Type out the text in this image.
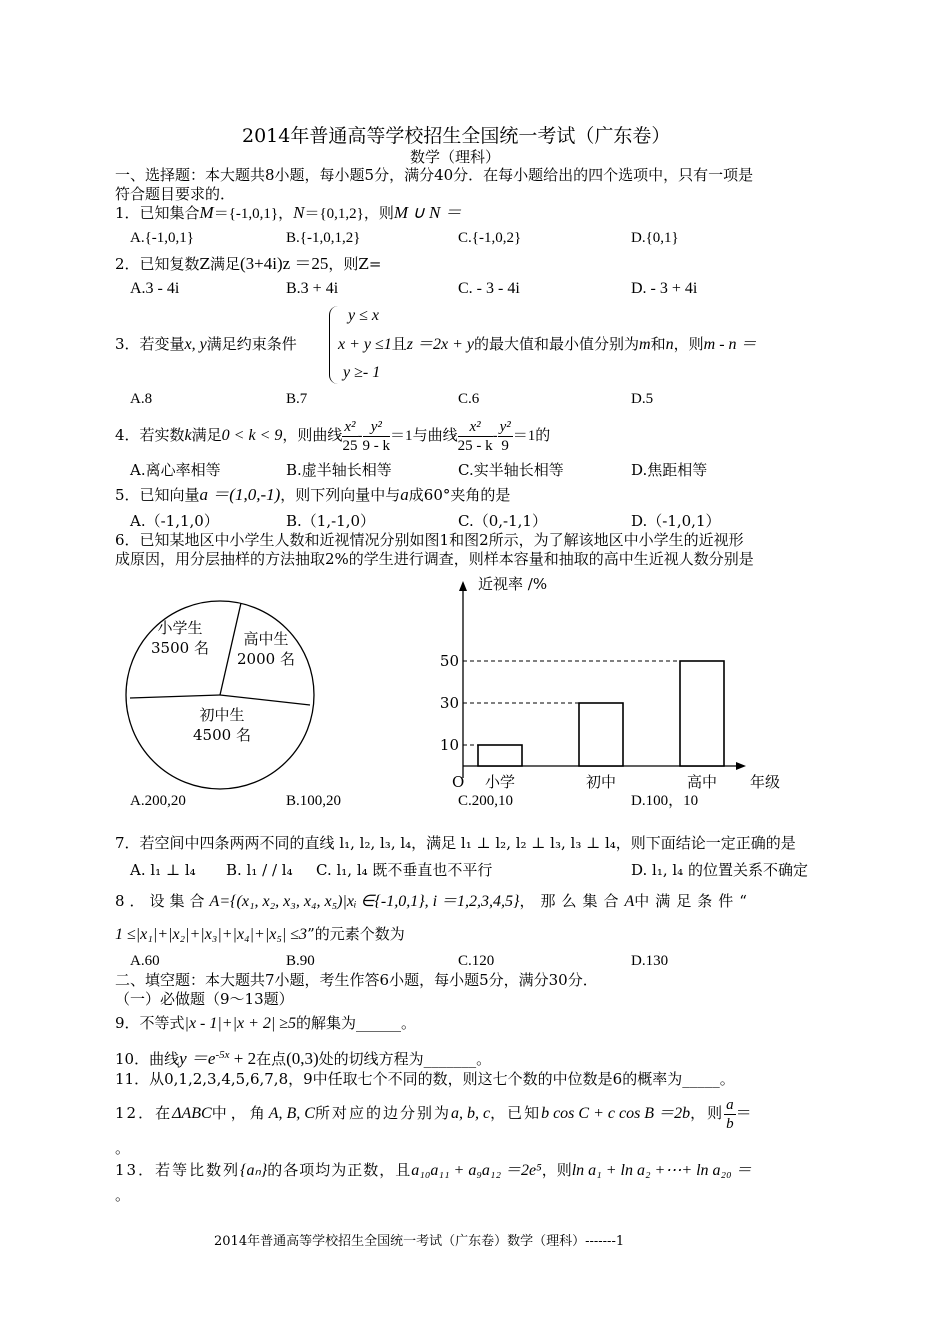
2014年普通高等学校招生全国统一考试（广东卷）
数学（理科）
一、选择题：本大题共8小题，每小题5分，满分40分．在每小题给出的四个选项中，只有一项是
符合题目要求的．
1．已知集合M＝{-1,0,1}，N＝{0,1,2}，则M ∪ N ＝
A.{-1,0,1}	B.{-1,0,1,2}	C.{-1,0,2}	D.{0,1}
2．已知复数Z满足(3+4i)z ＝25，则Z=
A.3 - 4i	B.3 + 4i	C. - 3 - 4i	D. - 3 + 4i
y ≤ x
3．若变量x, y满足约束条件	x + y ≤1且z ＝2x + y的最大值和最小值分别为m和n，则m - n ＝
y ≥- 1
A.8	B.7	C.6	D.5
4．若实数k满足0 < k < 9，则曲线 $\frac{\text{x²}}{25} - \frac{\text{y²}}{9 - k} =1$与曲线 $\frac{\text{x²}}{25 - k} - \frac{\text{y²}}{9} =1$的
A.离心率相等	B.虚半轴长相等	C.实半轴长相等	D.焦距相等
5．已知向量a ＝(1,0,-1)，则下列向量中与a成60°夹角的是
A.（-1,1,0）	B.（1,-1,0）	C.（0,-1,1）	D.（-1,0,1）
6．已知某地区中小学生人数和近视情况分别如图1和图2所示，为了解该地区中小学生的近视形
成原因，用分层抽样的方法抽取2%的学生进行调查，则样本容量和抽取的高中生近视人数分别是
小学生
3500 名 高中生
2000 名
初中生
4500 名
近视率 /%
年级
O
10
小学
30
初中
50
高中
A.200,20	B.100,20	C.200,10	D.100，10
7．若空间中四条两两不同的直线 l₁, l₂, l₃, l₄，满足 l₁ ⊥ l₂, l₂ ⊥ l₃, l₃ ⊥ l₄，则下面结论一定正确的是
A. l₁ ⊥ l₄ B. l₁ / / l₄ C. l₁, l₄ 既不垂直也不平行	D. l₁, l₄ 的位置关系不确定
8．设集合A={(x₁, x₂, x₃, x₄, x₅)|xᵢ ∈{-1,0,1}, i ＝1,2,3,4,5}，那么集合A中满足条件“
1 ≤|x₁|+|x₂|+|x₃|+|x₄|+|x₅| ≤3”的元素个数为
A.60	B.90	C.120	D.130
二、填空题：本大题共7小题，考生作答6小题，每小题5分，满分30分．
（一）必做题（9～13题）
9．不等式|x - 1|+|x + 2| ≥5的解集为______。
10．曲线$y =e^{-5x} + 2$在点(0,3)处的切线方程为_______。
11．从0,1,2,3,4,5,6,7,8，9中任取七个不同的数，则这七个数的中位数是6的概率为_____。
12．在ΔABC中，角A, B, C所对应的边分别为a, b, c，已知b cos C + c cos B ＝2b，则 $\frac{a}{b}$ ＝
。
13．若等比数列{aₙ}的各项均为正数，且a₁₀a₁₁ + a₉a₁₂ ＝2e⁵，则ln a₁ + ln a₂ +⋯+ ln a₂₀ ＝
。
2014年普通高等学校招生全国统一考试（广东卷）数学（理科）-------1
